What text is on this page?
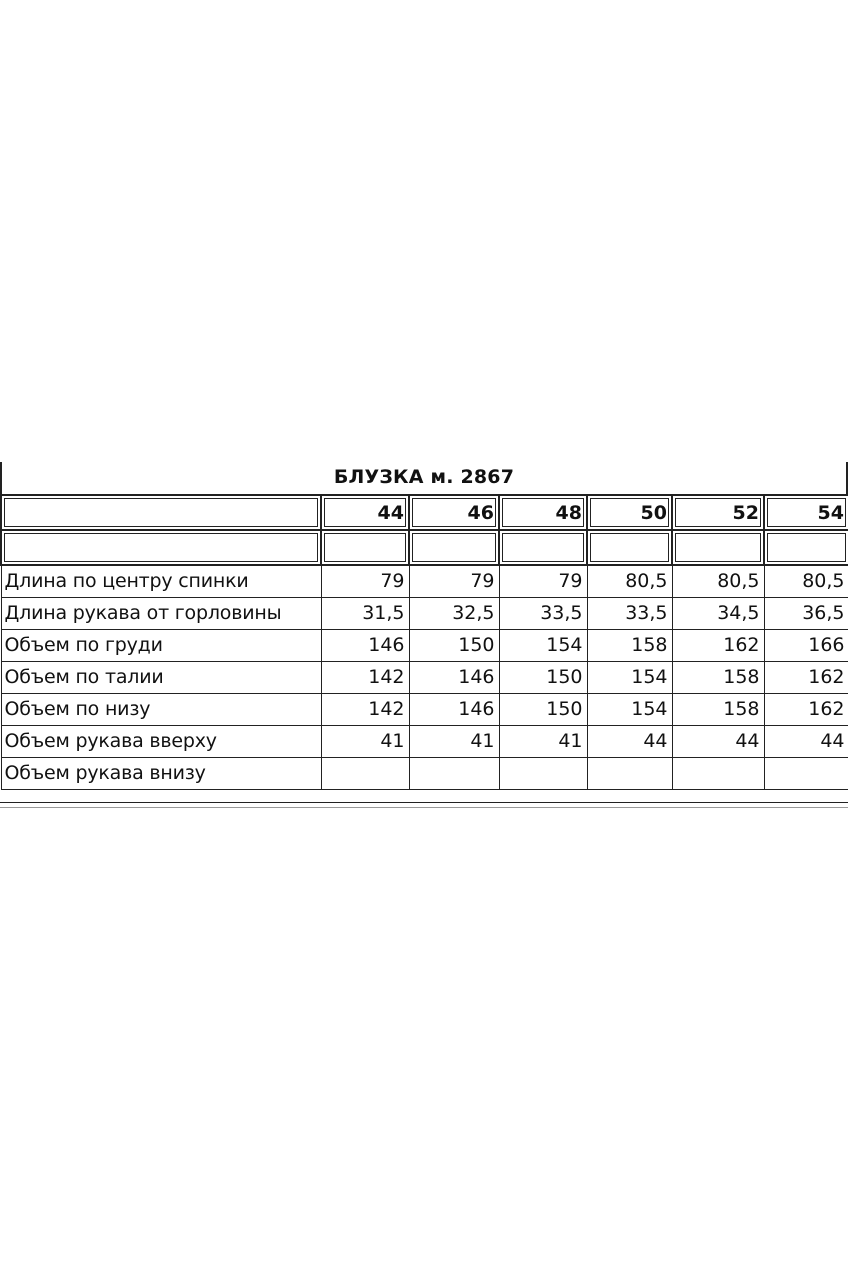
БЛУЗКА м. 2867
	44	46	48	50	52	54

Длина по центру спинки	79	79	79	80,5	80,5	80,5
Длина рукава от горловины	31,5	32,5	33,5	33,5	34,5	36,5
Объем по груди	146	150	154	158	162	166
Объем по талии	142	146	150	154	158	162
Объем по низу	142	146	150	154	158	162
Объем рукава вверху	41	41	41	44	44	44
Объем рукава внизу						
